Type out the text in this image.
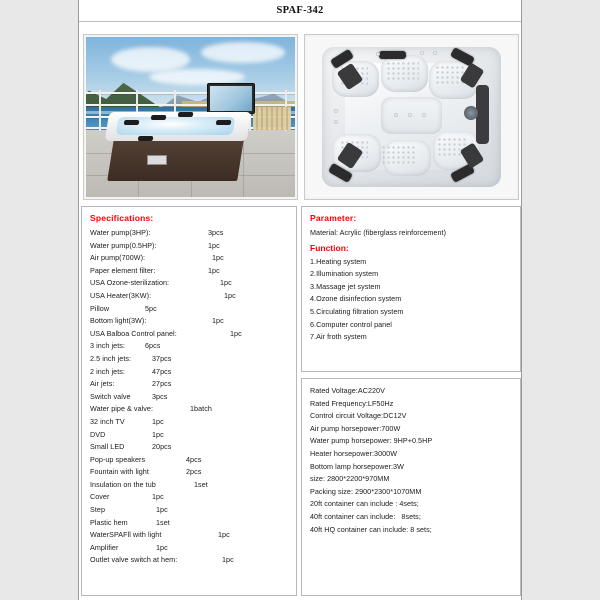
SPAF-342
Specifications:
Water pump(3HP):	3pcs
Water pump(0.5HP):	1pc
Air pump(700W):	1pc
Paper element filter:	1pc
USA Ozone-sterilization:	1pc
USA Heater(3KW):	1pc
Pillow	5pc
Bottom light(3W):	1pc
USA Balboa Control panel:	1pc
3 inch jets:	6pcs
2.5 inch jets:	37pcs
2 inch jets:	47pcs
Air jets:	27pcs
Switch valve	3pcs
Water pipe & valve:	1batch
32 inch TV	1pc
DVD	1pc
Small LED	20pcs
Pop-up speakers	4pcs
Fountain with light	2pcs
Insulation on the tub	1set
Cover	1pc
Step	1pc
Plastic hem	1set
WaterSPAFll with light	1pc
Amplifier	1pc
Outlet valve switch at hem:	1pc
Parameter:
Material: Acrylic (fiberglass reinforcement)
Function:
1.Heating system
2.Illumination system
3.Massage jet system
4.Ozone disinfection system
5.Circulating filtration system
6.Computer control panel
7.Air froth system
Rated Voltage:AC220V
Rated Frequency:LF50Hz
Control circuit Voltage:DC12V
Air pump horsepower:700W
Water pump horsepower: 9HP+0.5HP
Heater horsepower:3000W
Bottom lamp horsepower:3W
size: 2800*2200*970MM
Packing size: 2900*2300*1070MM
20ft container can include : 4sets;
40ft container can include:   8sets;
40ft HQ container can include: 8 sets;
